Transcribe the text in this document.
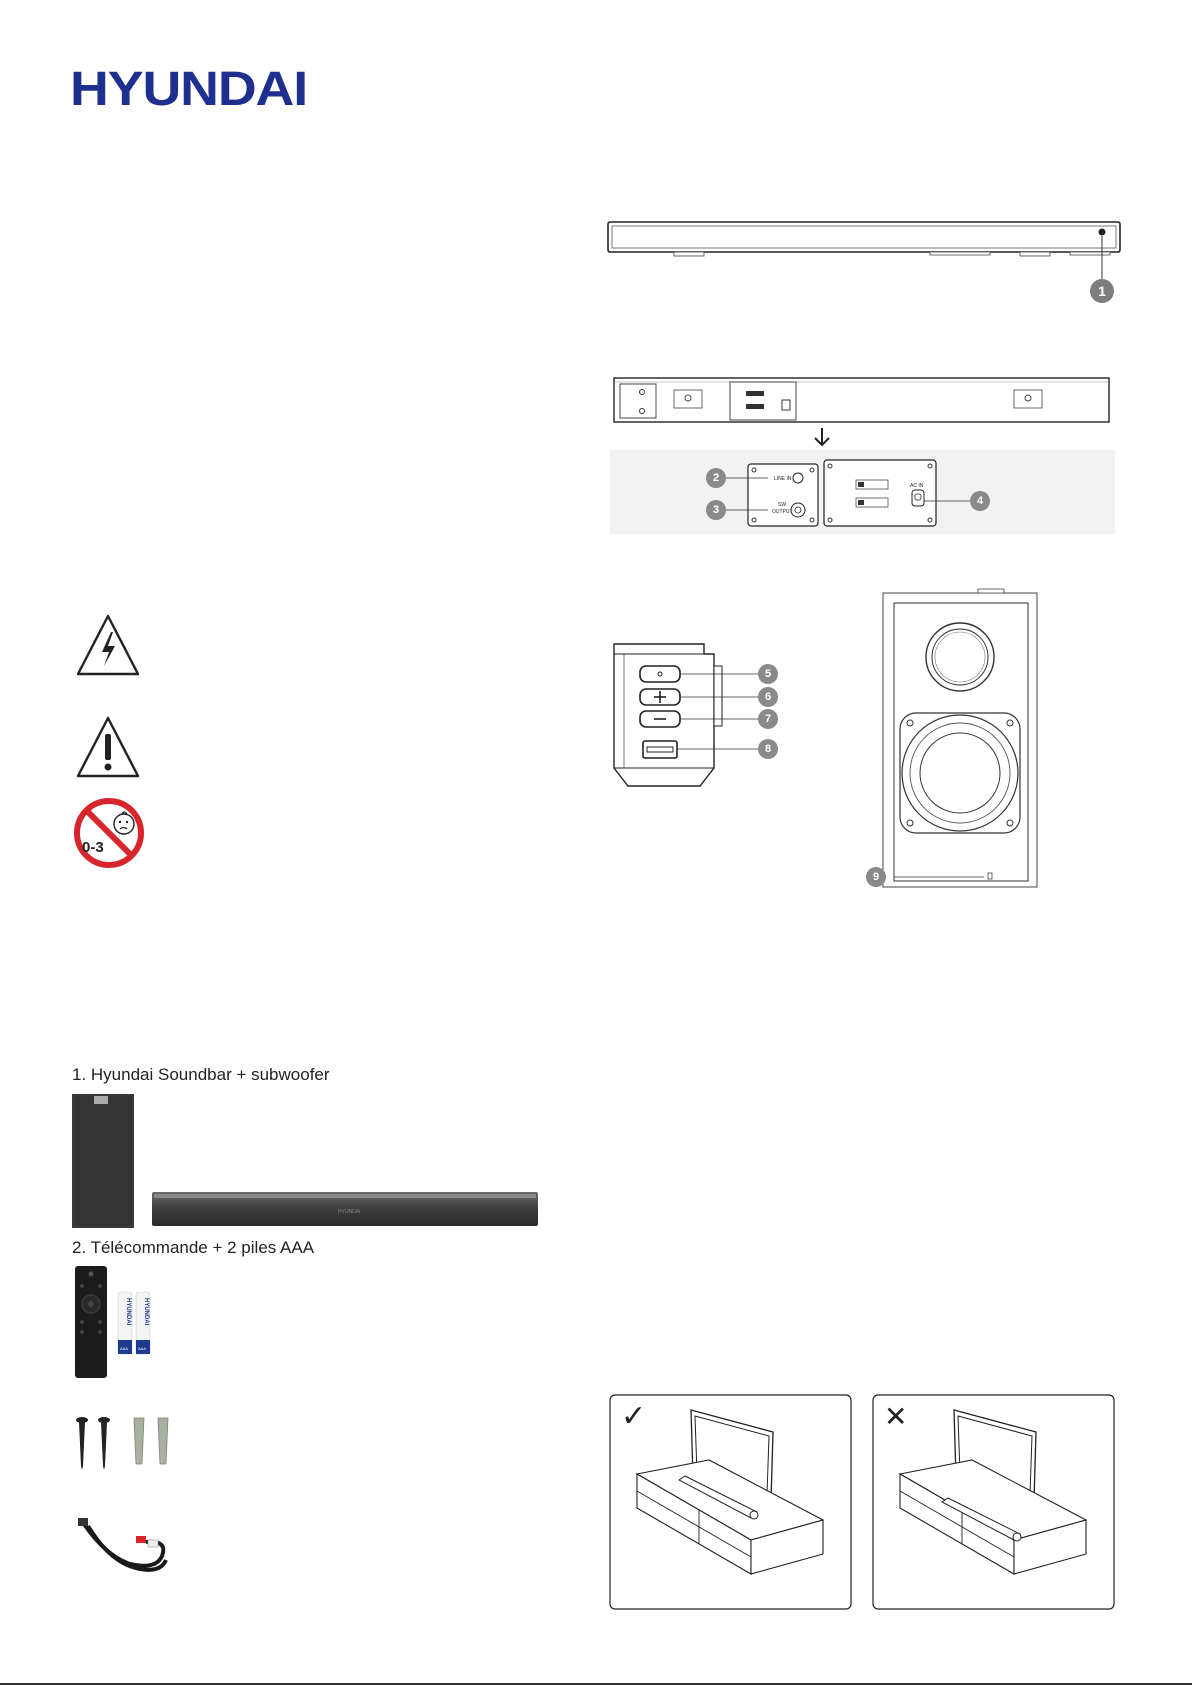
HYUNDAI
1
LINE IN
SW
OUTPUT
AC IN
2
3
4
5
6
7
8
9
0-3
1. Hyundai Soundbar + subwoofer
HYUNDAI
2. Télécommande + 2 piles AAA
HYUNDAI HYUNDAI
AAA AAA
✓	✕
